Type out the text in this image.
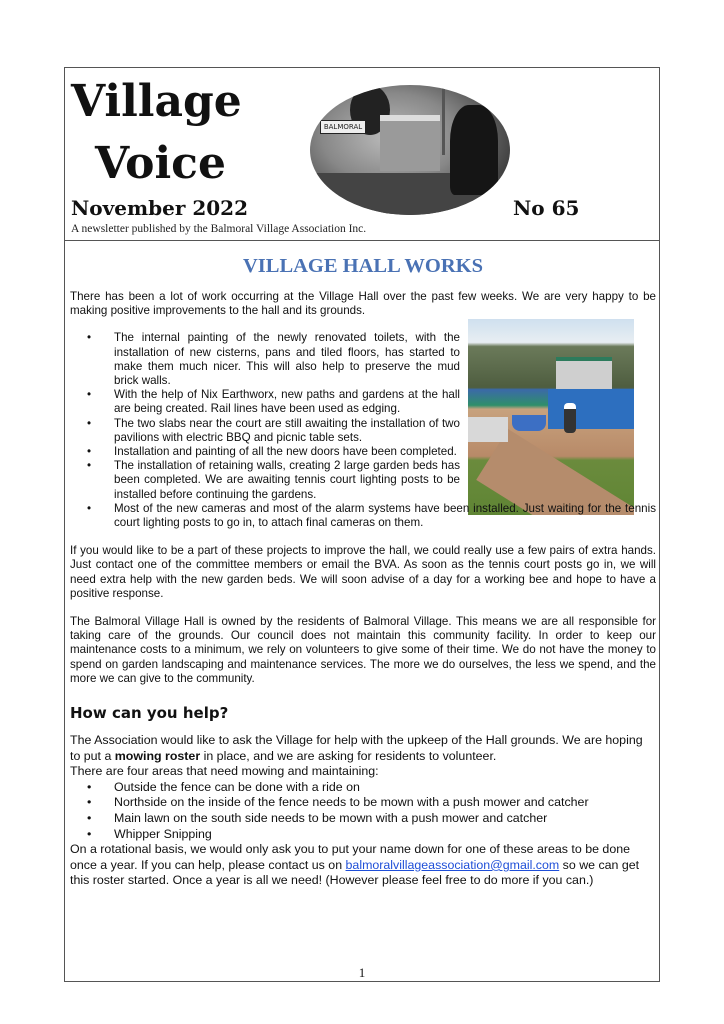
Village
Voice
BALMORAL
November 2022	No 65
A newsletter published by the Balmoral Village Association Inc.
VILLAGE HALL WORKS

There has been a lot of work occurring at the Village Hall over the past few weeks. We are very happy to be making positive improvements to the hall and its grounds.

• The internal painting of the newly renovated toilets, with the installation of new cisterns, pans and tiled floors, has started to make them much nicer. This will also help to preserve the mud brick walls.
• With the help of Nix Earthworx, new paths and gardens at the hall are being created. Rail lines have been used as edging.
• The two slabs near the court are still awaiting the installation of two pavilions with electric BBQ and picnic table sets.
• Installation and painting of all the new doors have been completed.
• The installation of retaining walls, creating 2 large garden beds has been completed. We are awaiting tennis court lighting posts to be installed before continuing the gardens.
• Most of the new cameras and most of the alarm systems have been installed. Just waiting for the tennis court lighting posts to go in, to attach final cameras on them.

If you would like to be a part of these projects to improve the hall, we could really use a few pairs of extra hands. Just contact one of the committee members or email the BVA. As soon as the tennis court posts go in, we will need extra help with the new garden beds. We will soon advise of a day for a working bee and hope to have a positive response.

The Balmoral Village Hall is owned by the residents of Balmoral Village. This means we are all responsible for taking care of the grounds. Our council does not maintain this community facility. In order to keep our maintenance costs to a minimum, we rely on volunteers to give some of their time. We do not have the money to spend on garden landscaping and maintenance services. The more we do ourselves, the less we spend, and the more we can give to the community.

How can you help?

The Association would like to ask the Village for help with the upkeep of the Hall grounds. We are hoping to put a mowing roster in place, and we are asking for residents to volunteer.

There are four areas that need mowing and maintaining:

• Outside the fence can be done with a ride on
• Northside on the inside of the fence needs to be mown with a push mower and catcher
• Main lawn on the south side needs to be mown with a push mower and catcher
• Whipper Snipping

On a rotational basis, we would only ask you to put your name down for one of these areas to be done once a year. If you can help, please contact us on balmoralvillageassociation@gmail.com so we can get this roster started. Once a year is all we need! (However please feel free to do more if you can.)

1
